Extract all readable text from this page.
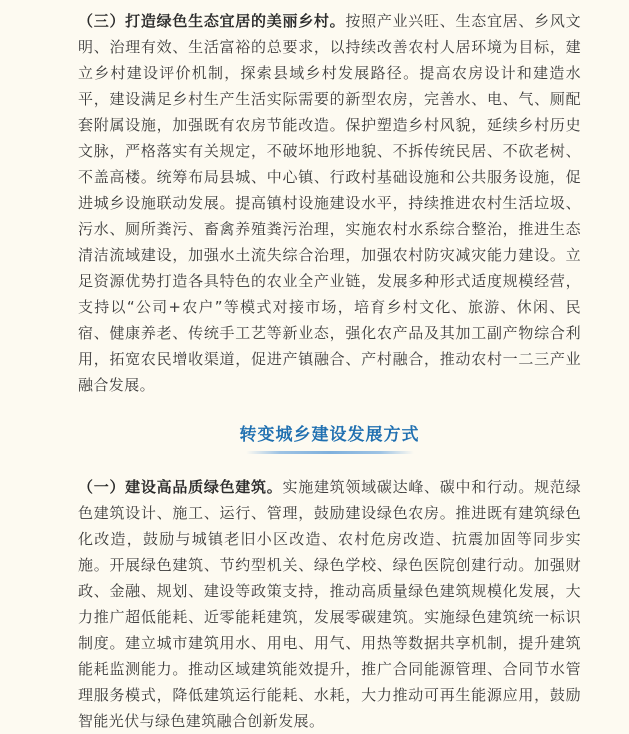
（三）打造绿色生态宜居的美丽乡村。按照产业兴旺、生态宜居、乡风文明、治理有效、生活富裕的总要求，以持续改善农村人居环境为目标，建立乡村建设评价机制，探索县域乡村发展路径。提高农房设计和建造水平，建设满足乡村生产生活实际需要的新型农房，完善水、电、气、厕配套附属设施，加强既有农房节能改造。保护塑造乡村风貌，延续乡村历史文脉，严格落实有关规定，不破坏地形地貌、不拆传统民居、不砍老树、不盖高楼。统筹布局县城、中心镇、行政村基础设施和公共服务设施，促进城乡设施联动发展。提高镇村设施建设水平，持续推进农村生活垃圾、污水、厕所粪污、畜禽养殖粪污治理，实施农村水系综合整治，推进生态清洁流域建设，加强水土流失综合治理，加强农村防灾减灾能力建设。立足资源优势打造各具特色的农业全产业链，发展多种形式适度规模经营，支持以“公司+农户”等模式对接市场，培育乡村文化、旅游、休闲、民宿、健康养老、传统手工艺等新业态，强化农产品及其加工副产物综合利用，拓宽农民增收渠道，促进产镇融合、产村融合，推动农村一二三产业融合发展。

转变城乡建设发展方式

（一）建设高品质绿色建筑。实施建筑领域碳达峰、碳中和行动。规范绿色建筑设计、施工、运行、管理，鼓励建设绿色农房。推进既有建筑绿色化改造，鼓励与城镇老旧小区改造、农村危房改造、抗震加固等同步实施。开展绿色建筑、节约型机关、绿色学校、绿色医院创建行动。加强财政、金融、规划、建设等政策支持，推动高质量绿色建筑规模化发展，大力推广超低能耗、近零能耗建筑，发展零碳建筑。实施绿色建筑统一标识制度。建立城市建筑用水、用电、用气、用热等数据共享机制，提升建筑能耗监测能力。推动区域建筑能效提升，推广合同能源管理、合同节水管理服务模式，降低建筑运行能耗、水耗，大力推动可再生能源应用，鼓励智能光伏与绿色建筑融合创新发展。
